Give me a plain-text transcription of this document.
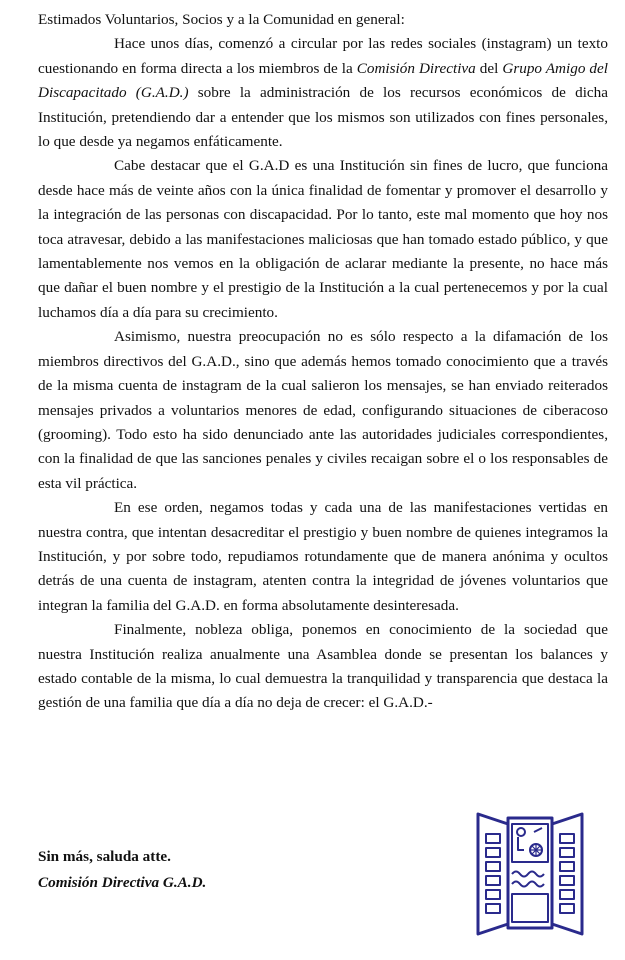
Estimados Voluntarios, Socios y a la Comunidad en general:

Hace unos días, comenzó a circular por las redes sociales (instagram) un texto cuestionando en forma directa a los miembros de la Comisión Directiva del Grupo Amigo del Discapacitado (G.A.D.) sobre la administración de los recursos económicos de dicha Institución, pretendiendo dar a entender que los mismos son utilizados con fines personales, lo que desde ya negamos enfáticamente.

Cabe destacar que el G.A.D es una Institución sin fines de lucro, que funciona desde hace más de veinte años con la única finalidad de fomentar y promover el desarrollo y la integración de las personas con discapacidad. Por lo tanto, este mal momento que hoy nos toca atravesar, debido a las manifestaciones maliciosas que han tomado estado público, y que lamentablemente nos vemos en la obligación de aclarar mediante la presente, no hace más que dañar el buen nombre y el prestigio de la Institución a la cual pertenecemos y por la cual luchamos día a día para su crecimiento.

Asimismo, nuestra preocupación no es sólo respecto a la difamación de los miembros directivos del G.A.D., sino que además hemos tomado conocimiento que a través de la misma cuenta de instagram de la cual salieron los mensajes, se han enviado reiterados mensajes privados a voluntarios menores de edad, configurando situaciones de ciberacoso (grooming). Todo esto ha sido denunciado ante las autoridades judiciales correspondientes, con la finalidad de que las sanciones penales y civiles recaigan sobre el o los responsables de esta vil práctica.

En ese orden, negamos todas y cada una de las manifestaciones vertidas en nuestra contra, que intentan desacreditar el prestigio y buen nombre de quienes integramos la Institución, y por sobre todo, repudiamos rotundamente que de manera anónima y ocultos detrás de una cuenta de instagram, atenten contra la integridad de jóvenes voluntarios que integran la familia del G.A.D. en forma absolutamente desinteresada.

Finalmente, nobleza obliga, ponemos en conocimiento de la sociedad que nuestra Institución realiza anualmente una Asamblea donde se presentan los balances y estado contable de la misma, lo cual demuestra la tranquilidad y transparencia que destaca la gestión de una familia que día a día no deja de crecer: el G.A.D.-

Sin más, saluda atte.
Comisión Directiva G.A.D.
